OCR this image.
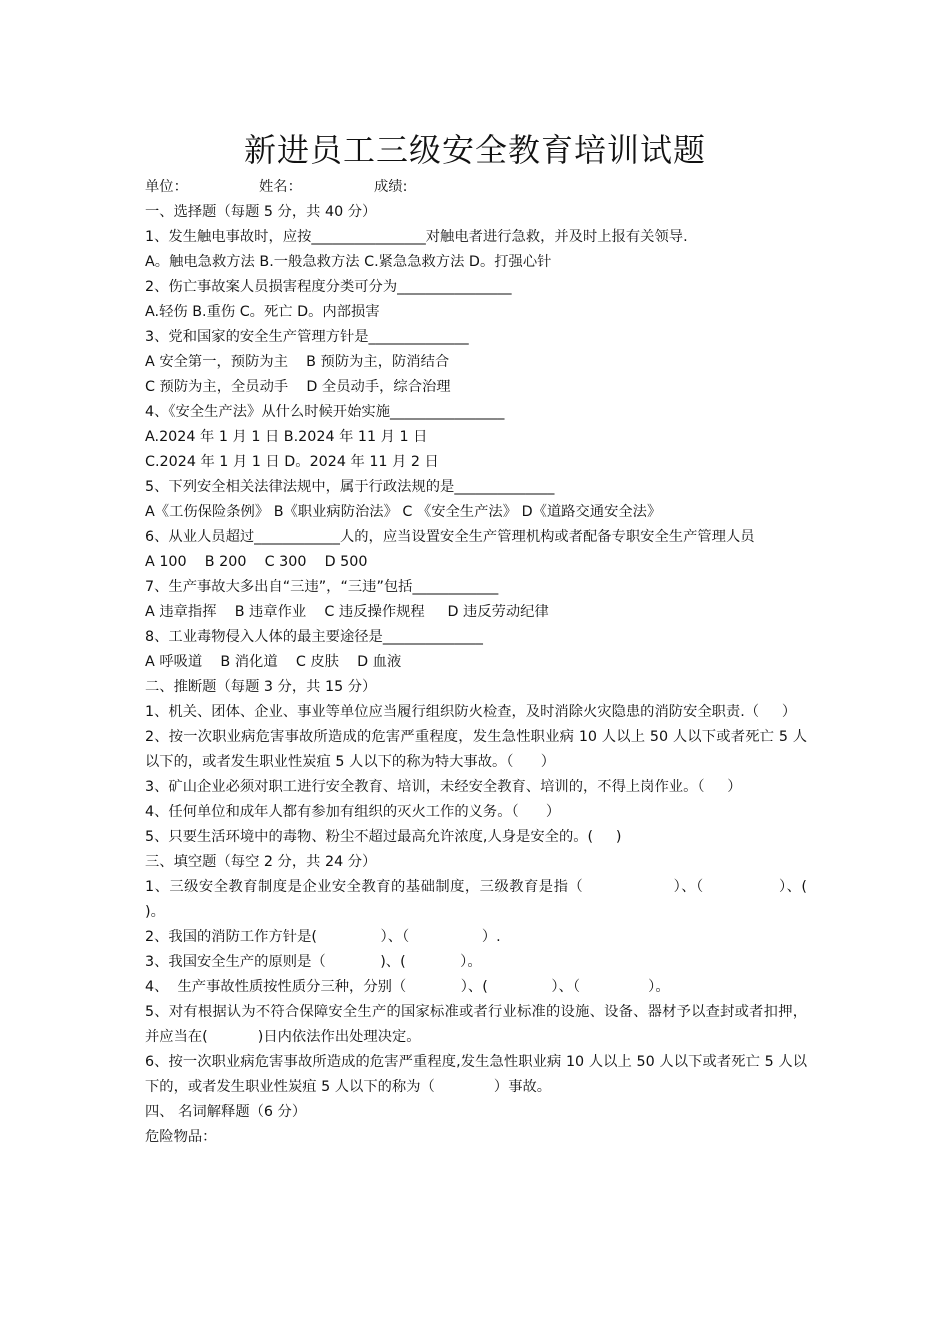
新进员工三级安全教育培训试题
单位：	姓名：	成绩:
一、选择题（每题 5 分，共 40 分）
1、发生触电事故时，应按________________对触电者进行急救，并及时上报有关领导.
A。触电急救方法 B.一般急救方法 C.紧急急救方法 D。打强心针
2、伤亡事故案人员损害程度分类可分为________________
A.轻伤 B.重伤 C。死亡 D。内部损害
3、党和国家的安全生产管理方针是______________
A 安全第一，预防为主    B 预防为主，防消结合
C 预防为主，全员动手    D 全员动手，综合治理
4、《安全生产法》从什么时候开始实施________________
A.2024 年 1 月 1 日 B.2024 年 11 月 1 日
C.2024 年 1 月 1 日 D。2024 年 11 月 2 日
5、下列安全相关法律法规中，属于行政法规的是______________
A《工伤保险条例》 B《职业病防治法》 C 《安全生产法》 D《道路交通安全法》
6、从业人员超过____________人的，应当设置安全生产管理机构或者配备专职安全生产管理人员
A 100    B 200    C 300    D 500
7、生产事故大多出自“三违”，“三违”包括____________
A 违章指挥    B 违章作业    C 违反操作规程     D 违反劳动纪律
8、工业毒物侵入人体的最主要途径是______________
A 呼吸道    B 消化道    C 皮肤    D 血液
二、推断题（每题 3 分，共 15 分）
1、机关、团体、企业、事业等单位应当履行组织防火检查，及时消除火灾隐患的消防安全职责.（     ）
2、按一次职业病危害事故所造成的危害严重程度，发生急性职业病 10 人以上 50 人以下或者死亡 5 人以下的，或者发生职业性炭疽 5 人以下的称为特大事故。（      ）
3、矿山企业必须对职工进行安全教育、培训，未经安全教育、培训的，不得上岗作业。（     ）
4、任何单位和成年人都有参加有组织的灭火工作的义务。（      ）
5、只要生活环境中的毒物、粉尘不超过最高允许浓度,人身是安全的。(     )
三、填空题（每空 2 分，共 24 分）
1、三级安全教育制度是企业安全教育的基础制度，三级教育是指（                  ）、（               ）、(               )。
2、我国的消防工作方针是(              ）、（                ）.
3、我国安全生产的原则是（            )、(            ）。
4、  生产事故性质按性质分三种，分别（            ）、(              ）、（               ）。
5、对有根据认为不符合保障安全生产的国家标准或者行业标准的设施、设备、器材予以查封或者扣押，并应当在(           )日内依法作出处理决定。
6、按一次职业病危害事故所造成的危害严重程度,发生急性职业病 10 人以上 50 人以下或者死亡 5 人以下的，或者发生职业性炭疽 5 人以下的称为（             ）事故。
四、 名词解释题（6 分）
危险物品：
